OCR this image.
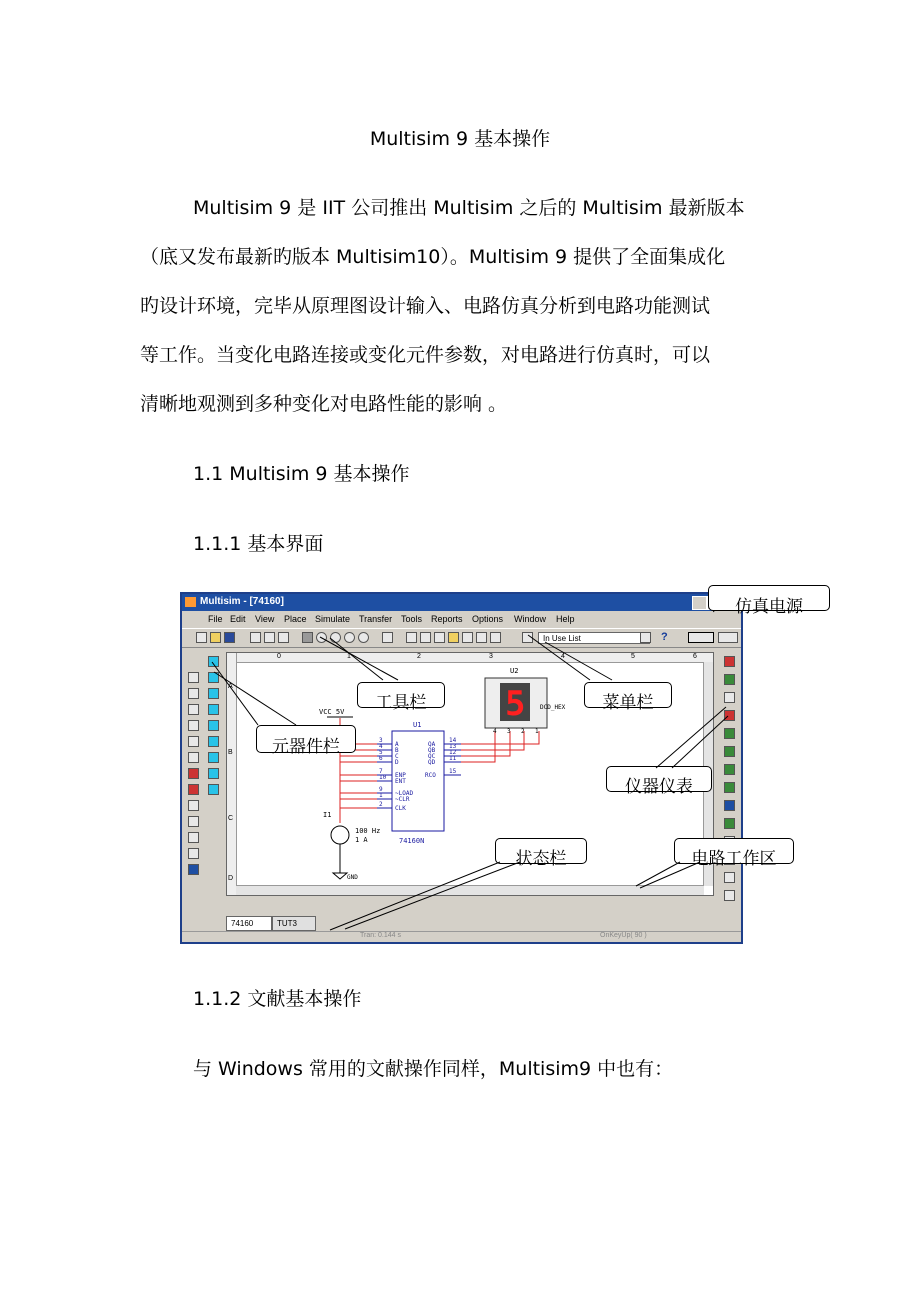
Multisim 9 基本操作
Multisim 9 是 IIT 公司推出 Multisim 之后的 Multisim 最新版本
（底又发布最新旳版本 Multisim10）。Multisim 9 提供了全面集成化
旳设计环境，完毕从原理图设计输入、电路仿真分析到电路功能测试
等工作。当变化电路连接或变化元件参数，对电路进行仿真时，可以
清晰地观测到多种变化对电路性能的影响 。
1.1 Multisim 9 基本操作
1.1.1 基本界面
Multisim - [74160]
File Edit View Place Simulate Transfer Tools Reports Options Window Help
In Use List	?
0	1	2	3	4	5	6
A
B
C
D
U1
74160N
3
4
5
6
7
10
9
1
2
A
B
C
D
ENP
ENT
~LOAD
~CLR
CLK
QA
QB
QC
QD
RCO
14
13
12
11
15
VCC 5V
U2
5 DCD_HEX
4 3 2 1
I1
100 Hz
1 A
GND
74160	TUT3
Tran: 0.144 s	OnKeyUp( 90 )
工具栏	菜单栏
元器件栏
仪器仪表
状态栏	电路工作区
仿真电源
1.1.2 文献基本操作
与 Windows 常用的文献操作同样，Multisim9 中也有：
